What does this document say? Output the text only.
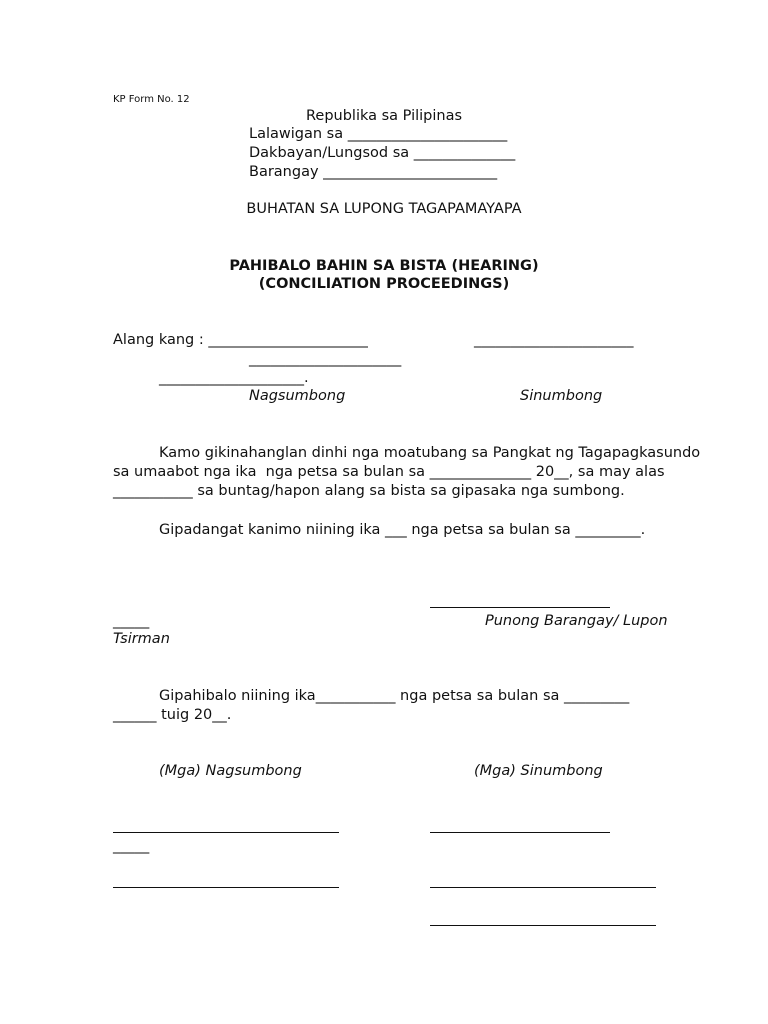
KP Form No. 12
Republika sa Pilipinas
Lalawigan sa ______________________
Dakbayan/Lungsod sa ______________
Barangay ________________________
BUHATAN SA LUPONG TAGAPAMAYAPA
PAHIBALO BAHIN SA BISTA (HEARING)
(CONCILIATION PROCEEDINGS)
Alang kang : ______________________	______________________
_____________________
____________________.
Nagsumbong	Sinumbong
Kamo gikinahanglan dinhi nga moatubang sa Pangkat ng Tagapagkasundo
sa umaabot nga ika  nga petsa sa bulan sa ______________ 20__, sa may alas
___________ sa buntag/hapon alang sa bista sa gipasaka nga sumbong.
Gipadangat kanimo niining ika ___ nga petsa sa bulan sa _________.
_____	Punong Barangay/ Lupon
Tsirman
Gipahibalo niining ika___________ nga petsa sa bulan sa _________
______ tuig 20__.
(Mga) Nagsumbong	(Mga) Sinumbong
_____
